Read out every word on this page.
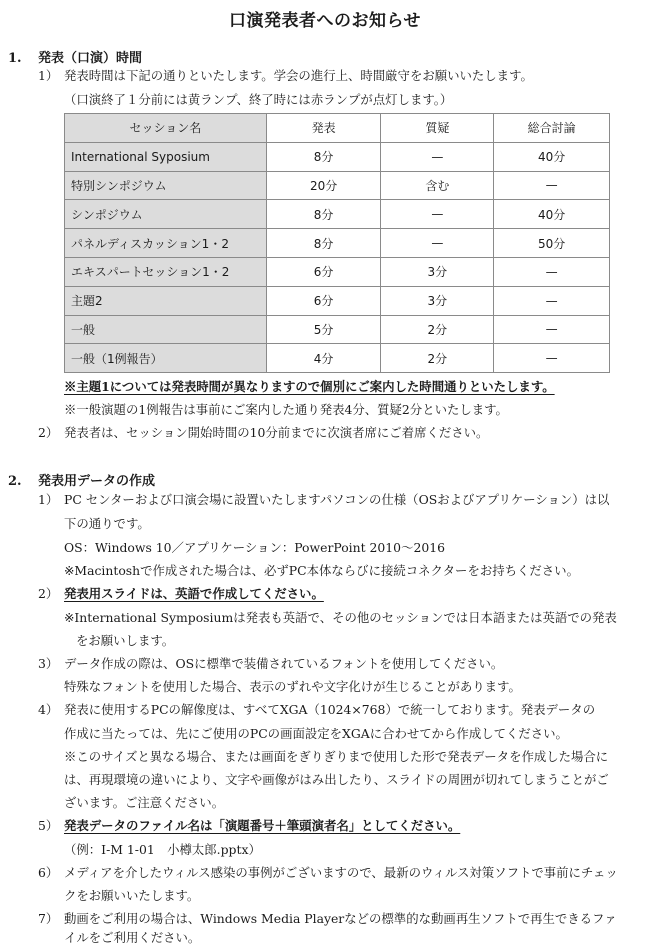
口演発表者へのお知らせ
1. 発表（口演）時間
1） 発表時間は下記の通りといたします。学会の進行上、時間厳守をお願いいたします。
（口演終了１分前には黄ランプ、終了時には赤ランプが点灯します。）
セッション名	発表	質疑	総合討論
International Syposium	8分	—	40分
特別シンポジウム	20分	含む	—
シンポジウム	8分	—	40分
パネルディスカッション1・2	8分	—	50分
エキスパートセッション1・2	6分	3分	—
主題2	6分	3分	—
一般	5分	2分	—
一般（1例報告）	4分	2分	—
※主題1については発表時間が異なりますので個別にご案内した時間通りといたします。
※一般演題の1例報告は事前にご案内した通り発表4分、質疑2分といたします。
2） 発表者は、セッション開始時間の10分前までに次演者席にご着席ください。
2. 発表用データの作成
1） PC センターおよび口演会場に設置いたしますパソコンの仕様（OSおよびアプリケーション）は以
下の通りです。
OS：Windows 10／アプリケーション：PowerPoint 2010～2016
※Macintoshで作成された場合は、必ずPC本体ならびに接続コネクターをお持ちください。
2） 発表用スライドは、英語で作成してください。
※International Symposiumは発表も英語で、その他のセッションでは日本語または英語での発表
をお願いします。
3） データ作成の際は、OSに標準で装備されているフォントを使用してください。
特殊なフォントを使用した場合、表示のずれや文字化けが生じることがあります。
4） 発表に使用するPCの解像度は、すべてXGA（1024×768）で統一しております。発表データの
作成に当たっては、先にご使用のPCの画面設定をXGAに合わせてから作成してください。
※このサイズと異なる場合、または画面をぎりぎりまで使用した形で発表データを作成した場合に
は、再現環境の違いにより、文字や画像がはみ出したり、スライドの周囲が切れてしまうことがご
ざいます。ご注意ください。
5） 発表データのファイル名は「演題番号＋筆頭演者名」としてください。
（例：I-M 1-01　小樽太郎.pptx）
6） メディアを介したウィルス感染の事例がございますので、最新のウィルス対策ソフトで事前にチェッ
クをお願いいたします。
7） 動画をご利用の場合は、Windows Media Playerなどの標準的な動画再生ソフトで再生できるファ
イルをご利用ください。
